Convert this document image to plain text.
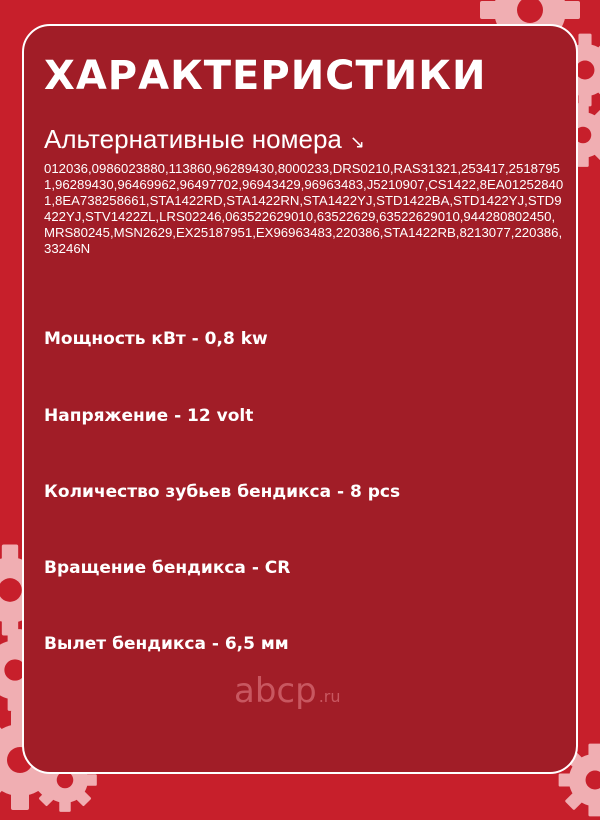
ХАРАКТЕРИСТИКИ
Альтернативные номера ↘
012036,0986023880,113860,96289430,8000233,DRS0210,RAS31321,253417,25187951,96289430,96469962,96497702,96943429,96963483,J5210907,CS1422,8EA012528401,8EA738258661,STA1422RD,STA1422RN,STA1422YJ,STD1422BA,STD1422YJ,STD9422YJ,STV1422ZL,LRS02246,063522629010,63522629,63522629010,944280802450,MRS80245,MSN2629,EX25187951,EX96963483,220386,STA1422RB,8213077,220386,33246N
Мощность кВт - 0,8 kw
Напряжение - 12 volt
Количество зубьев бендикса - 8 pcs
Вращение бендикса - CR
Вылет бендикса - 6,5 мм
abcp .ru
